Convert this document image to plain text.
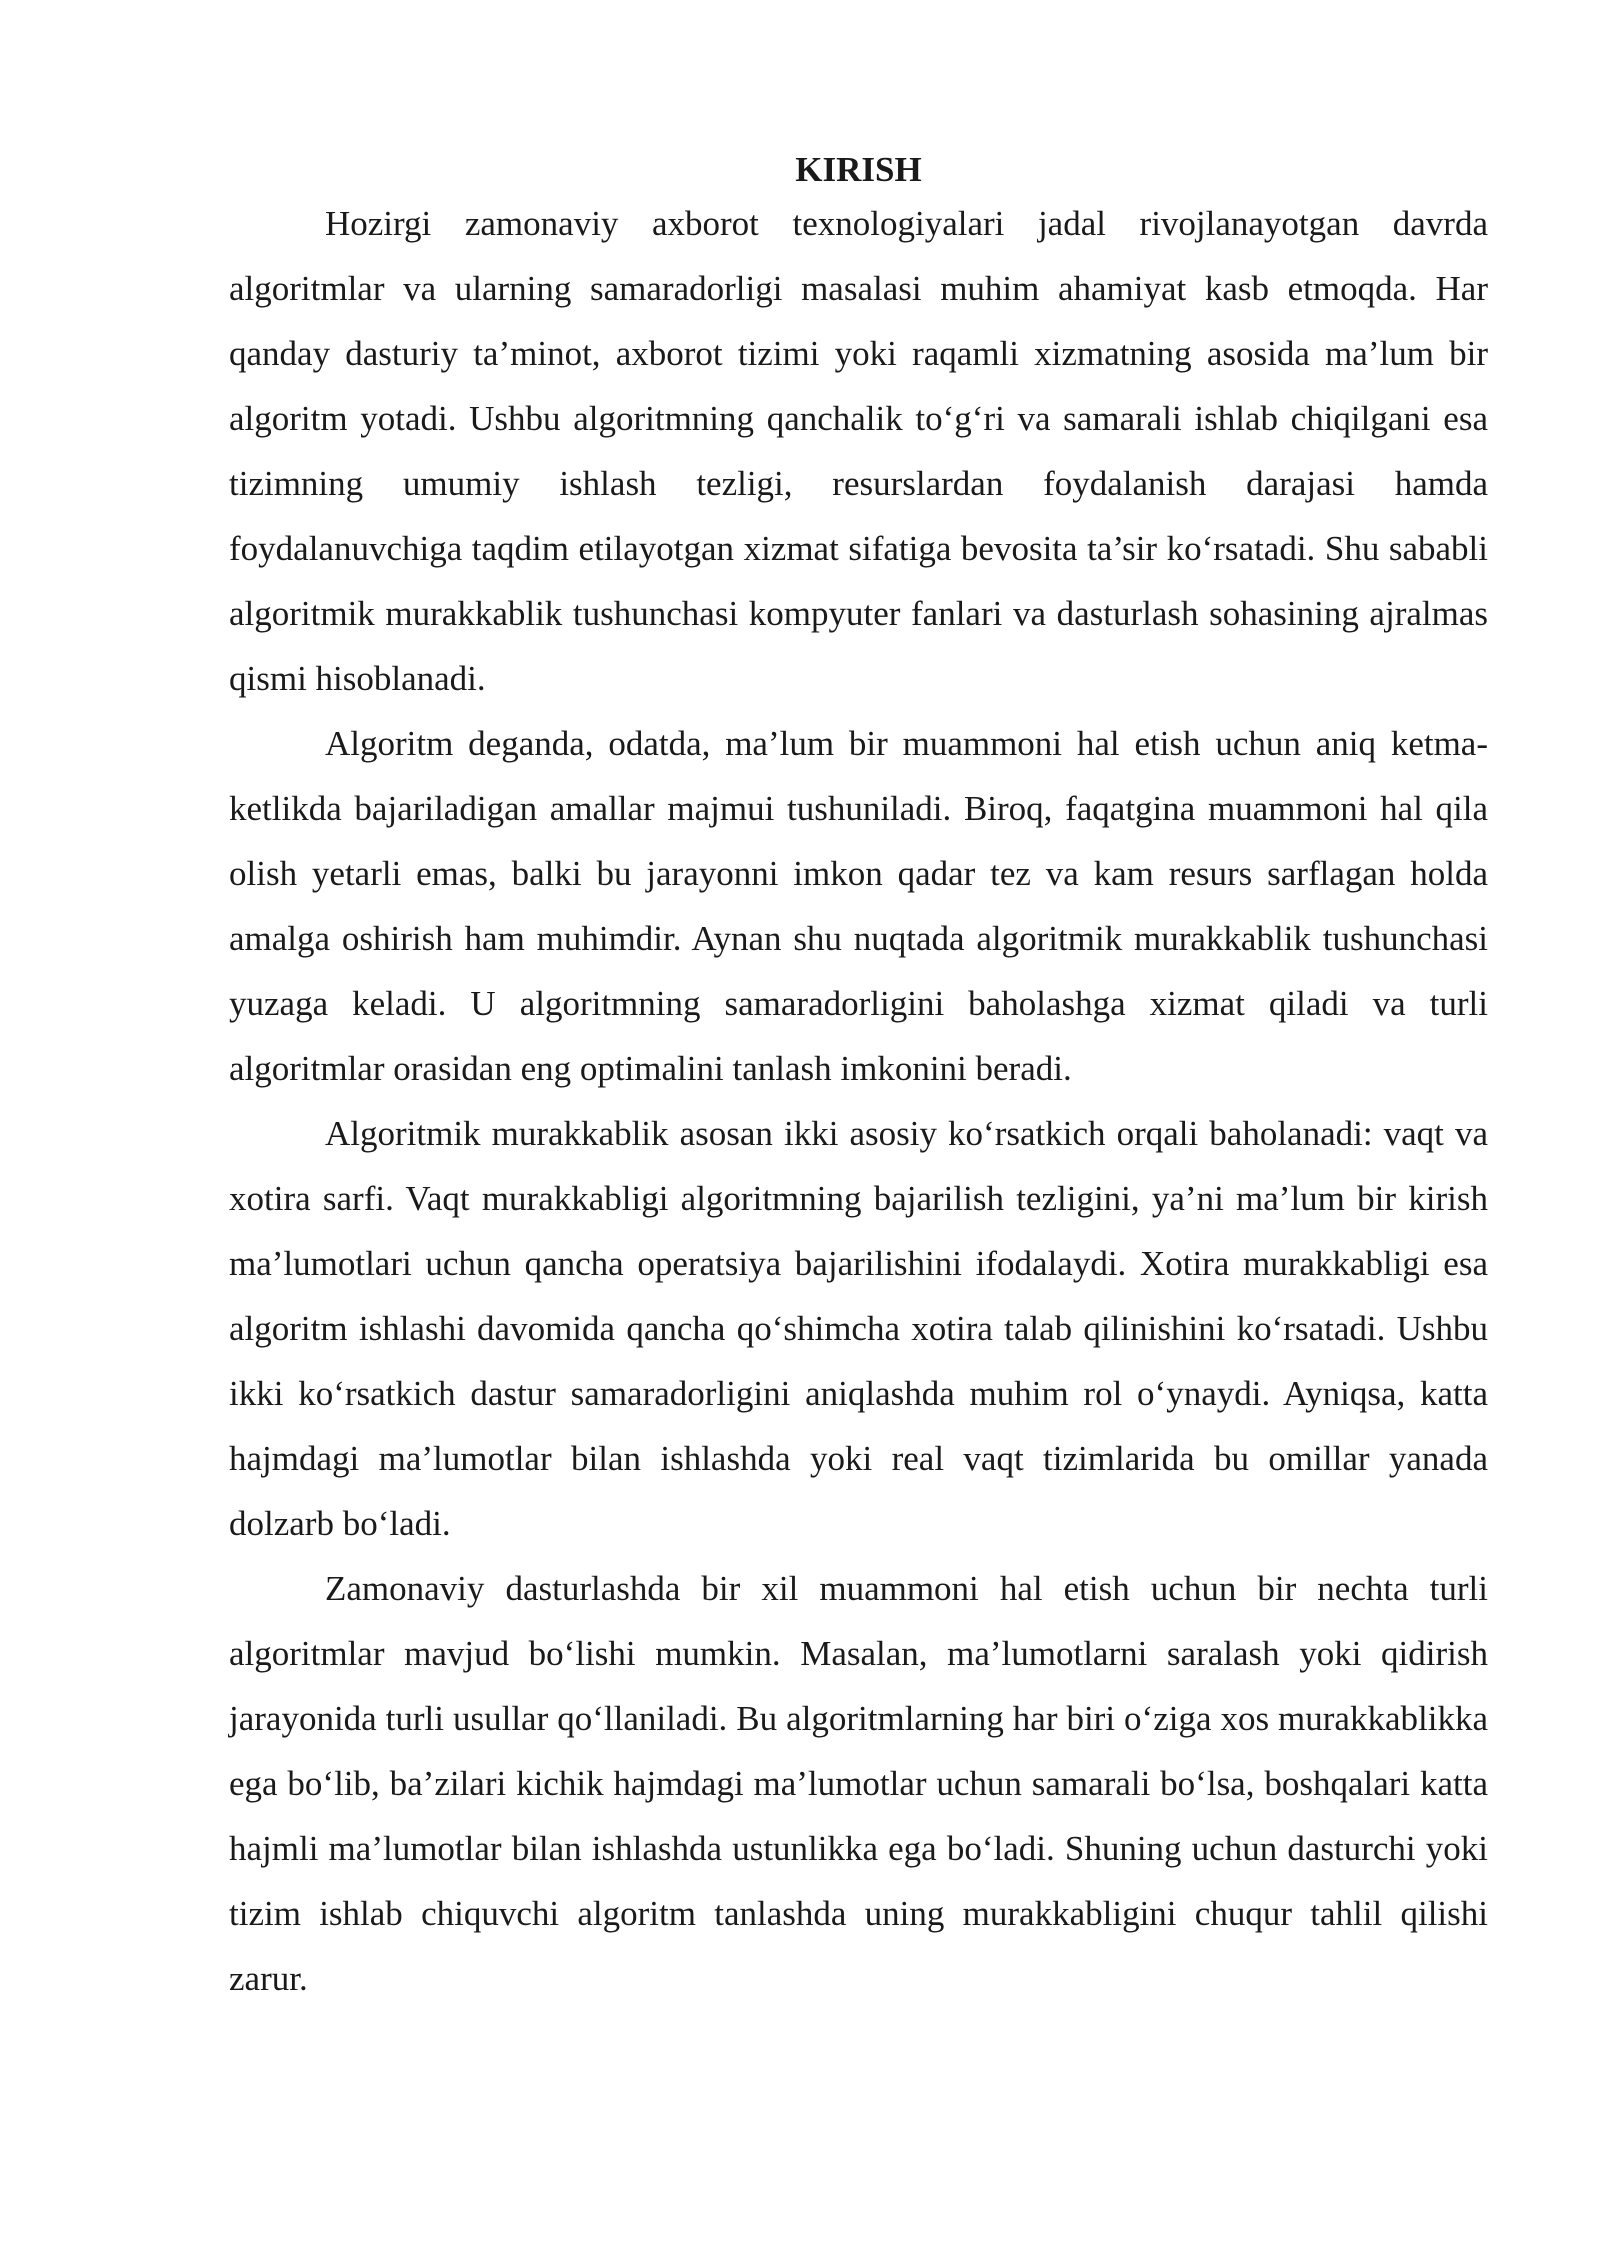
KIRISH

Hozirgi zamonaviy axborot texnologiyalari jadal rivojlanayotgan davrda algoritmlar va ularning samaradorligi masalasi muhim ahamiyat kasb etmoqda. Har qanday dasturiy ta’minot, axborot tizimi yoki raqamli xizmatning asosida ma’lum bir algoritm yotadi. Ushbu algoritmning qanchalik to‘g‘ri va samarali ishlab chiqilgani esa tizimning umumiy ishlash tezligi, resurslardan foydalanish darajasi hamda foydalanuvchiga taqdim etilayotgan xizmat sifatiga bevosita ta’sir ko‘rsatadi. Shu sababli algoritmik murakkablik tushunchasi kompyuter fanlari va dasturlash sohasining ajralmas qismi hisoblanadi.

Algoritm deganda, odatda, ma’lum bir muammoni hal etish uchun aniq ketma-ketlikda bajariladigan amallar majmui tushuniladi. Biroq, faqatgina muammoni hal qila olish yetarli emas, balki bu jarayonni imkon qadar tez va kam resurs sarflagan holda amalga oshirish ham muhimdir. Aynan shu nuqtada algoritmik murakkablik tushunchasi yuzaga keladi. U algoritmning samaradorligini baholashga xizmat qiladi va turli algoritmlar orasidan eng optimalini tanlash imkonini beradi.

Algoritmik murakkablik asosan ikki asosiy ko‘rsatkich orqali baholanadi: vaqt va xotira sarfi. Vaqt murakkabligi algoritmning bajarilish tezligini, ya’ni ma’lum bir kirish ma’lumotlari uchun qancha operatsiya bajarilishini ifodalaydi. Xotira murakkabligi esa algoritm ishlashi davomida qancha qo‘shimcha xotira talab qilinishini ko‘rsatadi. Ushbu ikki ko‘rsatkich dastur samaradorligini aniqlashda muhim rol o‘ynaydi. Ayniqsa, katta hajmdagi ma’lumotlar bilan ishlashda yoki real vaqt tizimlarida bu omillar yanada dolzarb bo‘ladi.

Zamonaviy dasturlashda bir xil muammoni hal etish uchun bir nechta turli algoritmlar mavjud bo‘lishi mumkin. Masalan, ma’lumotlarni saralash yoki qidirish jarayonida turli usullar qo‘llaniladi. Bu algoritmlarning har biri o‘ziga xos murakkablikka ega bo‘lib, ba’zilari kichik hajmdagi ma’lumotlar uchun samarali bo‘lsa, boshqalari katta hajmli ma’lumotlar bilan ishlashda ustunlikka ega bo‘ladi. Shuning uchun dasturchi yoki tizim ishlab chiquvchi algoritm tanlashda uning murakkabligini chuqur tahlil qilishi zarur.
